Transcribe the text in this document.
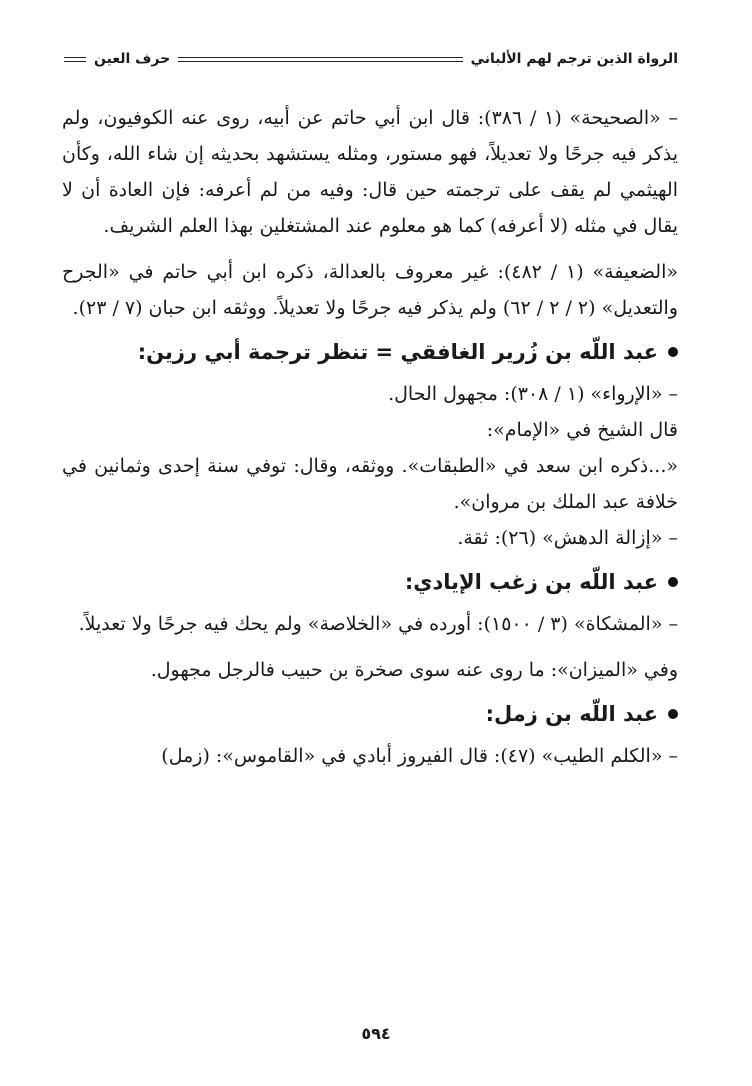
الرواة الذين ترجم لهم الألباني
حرف العين

– «الصحيحة» (١ / ٣٨٦): قال ابن أبي حاتم عن أبيه، روى عنه الكوفيون، ولم يذكر فيه جرحًا ولا تعديلاً، فهو مستور، ومثله يستشهد بحديثه إن شاء الله، وكأن الهيثمي لم يقف على ترجمته حين قال: وفيه من لم أعرفه: فإن العادة أن لا يقال في مثله (لا أعرفه) كما هو معلوم عند المشتغلين بهذا العلم الشريف.

«الضعيفة» (١ / ٤٨٢): غير معروف بالعدالة، ذكره ابن أبي حاتم في «الجرح والتعديل» (٢ / ٢ / ٦٢) ولم يذكر فيه جرحًا ولا تعديلاً. ووثقه ابن حبان (٧ / ٢٣).

عبد اللّه بن زُرير الغافقي = تنظر ترجمة أبي رزين:

– «الإرواء» (١ / ٣٠٨): مجهول الحال.

قال الشيخ في «الإمام»:

«...ذكره ابن سعد في «الطبقات». ووثقه، وقال: توفي سنة إحدى وثمانين في خلافة عبد الملك بن مروان».

– «إزالة الدهش» (٢٦): ثقة.

عبد اللّه بن زغب الإيادي:

– «المشكاة» (٣ / ١٥٠٠): أورده في «الخلاصة» ولم يحك فيه جرحًا ولا تعديلاً.

وفي «الميزان»: ما روى عنه سوى صخرة بن حبيب فالرجل مجهول.

عبد اللّه بن زمل:

– «الكلم الطيب» (٤٧): قال الفيروز أبادي في «القاموس»: (زمل)

٥٩٤
